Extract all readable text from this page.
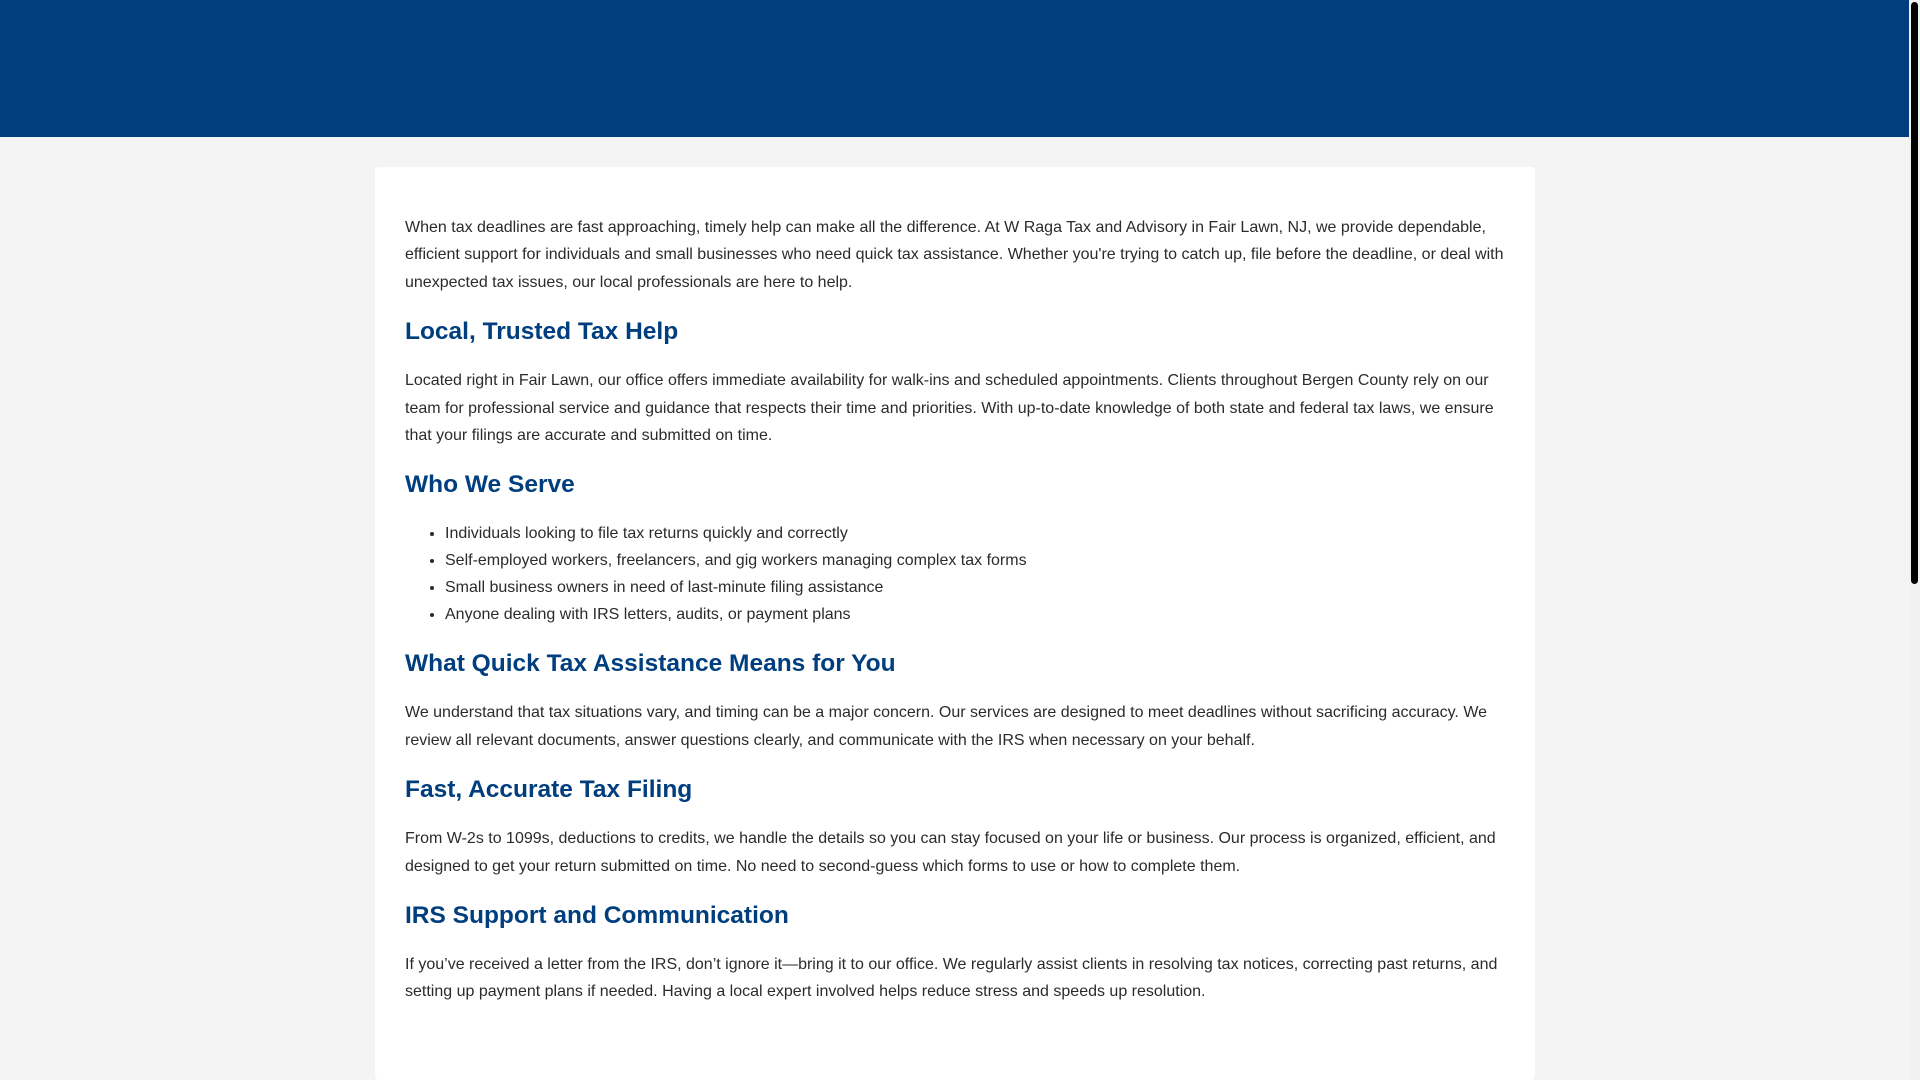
When tax deadlines are fast approaching, timely help can make all the difference. At W Raga Tax and Advisory in Fair Lawn, NJ, we provide dependable, efficient support for individuals and small businesses who need quick tax assistance. Whether you're trying to catch up, file before the deadline, or deal with unexpected tax issues, our local professionals are here to help.

Local, Trusted Tax Help

Located right in Fair Lawn, our office offers immediate availability for walk-ins and scheduled appointments. Clients throughout Bergen County rely on our team for professional service and guidance that respects their time and priorities. With up-to-date knowledge of both state and federal tax laws, we ensure that your filings are accurate and submitted on time.

Who We Serve
• Individuals looking to file tax returns quickly and correctly
• Self-employed workers, freelancers, and gig workers managing complex tax forms
• Small business owners in need of last-minute filing assistance
• Anyone dealing with IRS letters, audits, or payment plans
What Quick Tax Assistance Means for You

We understand that tax situations vary, and timing can be a major concern. Our services are designed to meet deadlines without sacrificing accuracy. We review all relevant documents, answer questions clearly, and communicate with the IRS when necessary on your behalf.

Fast, Accurate Tax Filing

From W-2s to 1099s, deductions to credits, we handle the details so you can stay focused on your life or business. Our process is organized, efficient, and designed to get your return submitted on time. No need to second-guess which forms to use or how to complete them.

IRS Support and Communication

If you’ve received a letter from the IRS, don’t ignore it—bring it to our office. We regularly assist clients in resolving tax notices, correcting past returns, and setting up payment plans if needed. Having a local expert involved helps reduce stress and speeds up resolution.
